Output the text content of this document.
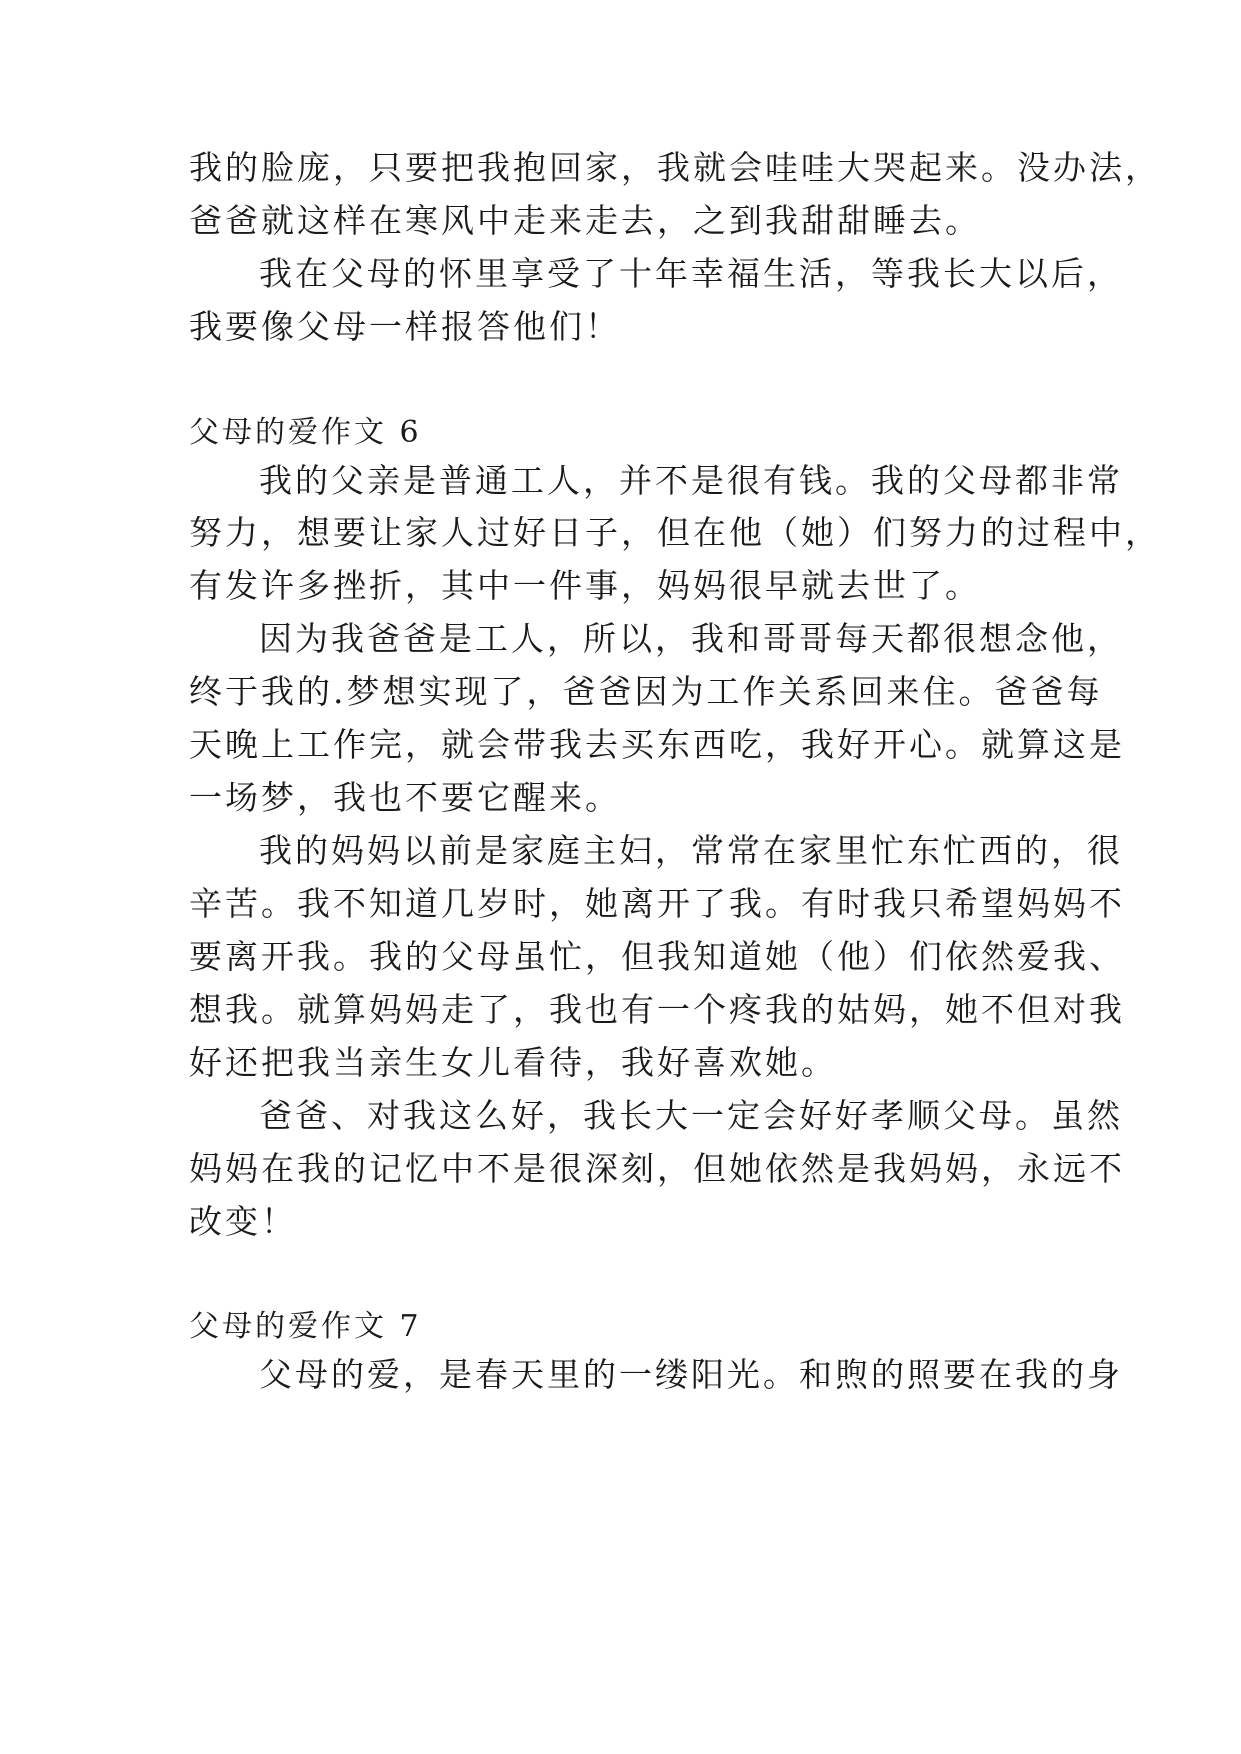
我的脸庞，只要把我抱回家，我就会哇哇大哭起来。没办法，
爸爸就这样在寒风中走来走去，之到我甜甜睡去。
我在父母的怀里享受了十年幸福生活，等我长大以后，
我要像父母一样报答他们！
父母的爱作文 6
我的父亲是普通工人，并不是很有钱。我的父母都非常
努力，想要让家人过好日子，但在他（她）们努力的过程中，
有发许多挫折，其中一件事，妈妈很早就去世了。
因为我爸爸是工人，所以，我和哥哥每天都很想念他，
终于我的.梦想实现了，爸爸因为工作关系回来住。爸爸每
天晚上工作完，就会带我去买东西吃，我好开心。就算这是
一场梦，我也不要它醒来。
我的妈妈以前是家庭主妇，常常在家里忙东忙西的，很
辛苦。我不知道几岁时，她离开了我。有时我只希望妈妈不
要离开我。我的父母虽忙，但我知道她（他）们依然爱我、
想我。就算妈妈走了，我也有一个疼我的姑妈，她不但对我
好还把我当亲生女儿看待，我好喜欢她。
爸爸、对我这么好，我长大一定会好好孝顺父母。虽然
妈妈在我的记忆中不是很深刻，但她依然是我妈妈，永远不
改变！
父母的爱作文 7
父母的爱，是春天里的一缕阳光。和煦的照要在我的身
